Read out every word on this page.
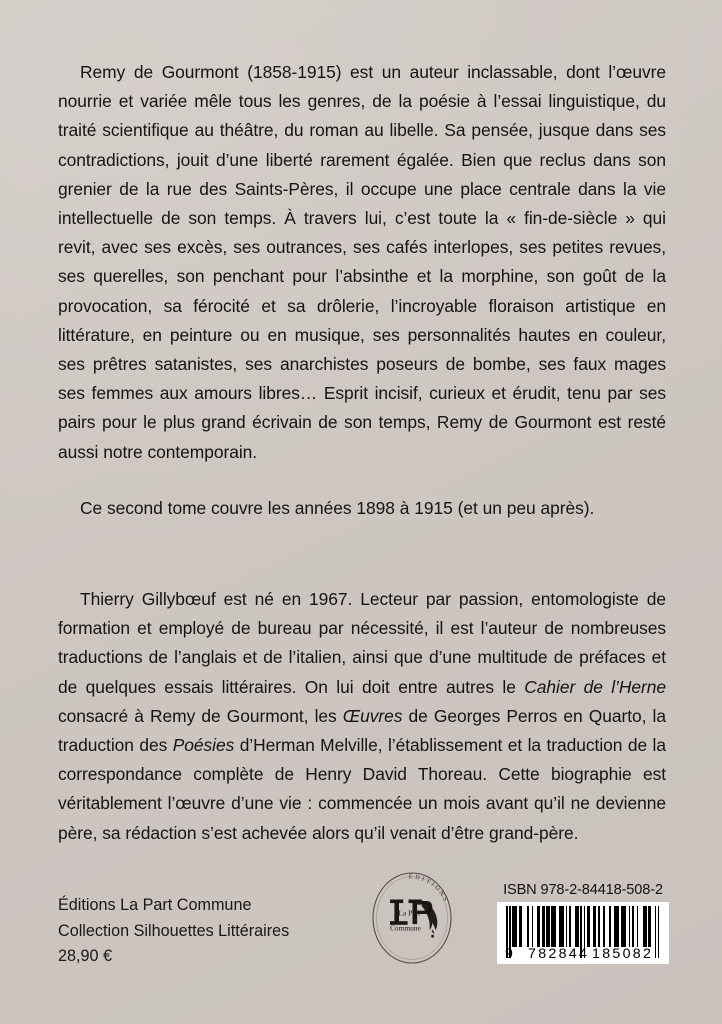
Remy de Gourmont (1858-1915) est un auteur inclassable, dont l’œuvre nourrie et variée mêle tous les genres, de la poésie à l’essai linguistique, du traité scientifique au théâtre, du roman au libelle. Sa pensée, jusque dans ses contradictions, jouit d’une liberté rarement égalée. Bien que reclus dans son grenier de la rue des Saints-Pères, il occupe une place centrale dans la vie intellectuelle de son temps. À travers lui, c’est toute la « fin-de-siècle » qui revit, avec ses excès, ses outrances, ses cafés interlopes, ses petites revues, ses querelles, son penchant pour l’absinthe et la morphine, son goût de la provocation, sa férocité et sa drôlerie, l’incroyable floraison artistique en littérature, en peinture ou en musique, ses personnalités hautes en couleur, ses prêtres satanistes, ses anarchistes poseurs de bombe, ses faux mages ses femmes aux amours libres… Esprit incisif, curieux et érudit, tenu par ses pairs pour le plus grand écrivain de son temps, Remy de Gourmont est resté aussi notre contemporain.

Ce second tome couvre les années 1898 à 1915 (et un peu après).

Thierry Gillybœuf est né en 1967. Lecteur par passion, entomologiste de formation et employé de bureau par nécessité, il est l’auteur de nombreuses traductions de l’anglais et de l’italien, ainsi que d’une multitude de préfaces et de quelques essais littéraires. On lui doit entre autres le Cahier de l’Herne consacré à Remy de Gourmont, les Œuvres de Georges Perros en Quarto, la traduction des Poésies d’Herman Melville, l’établissement et la traduction de la correspondance complète de Henry David Thoreau. Cette biographie est véritablement l’œuvre d’une vie : commencée un mois avant qu’il ne devienne père, sa rédaction s’est achevée alors qu’il venait d’être grand-père.

Éditions La Part Commune
Collection Silhouettes Littéraires
28,90 €
ÉDITIONS
La Part
Commune
ISBN 978-2-84418-508-2
9 782844 185082
